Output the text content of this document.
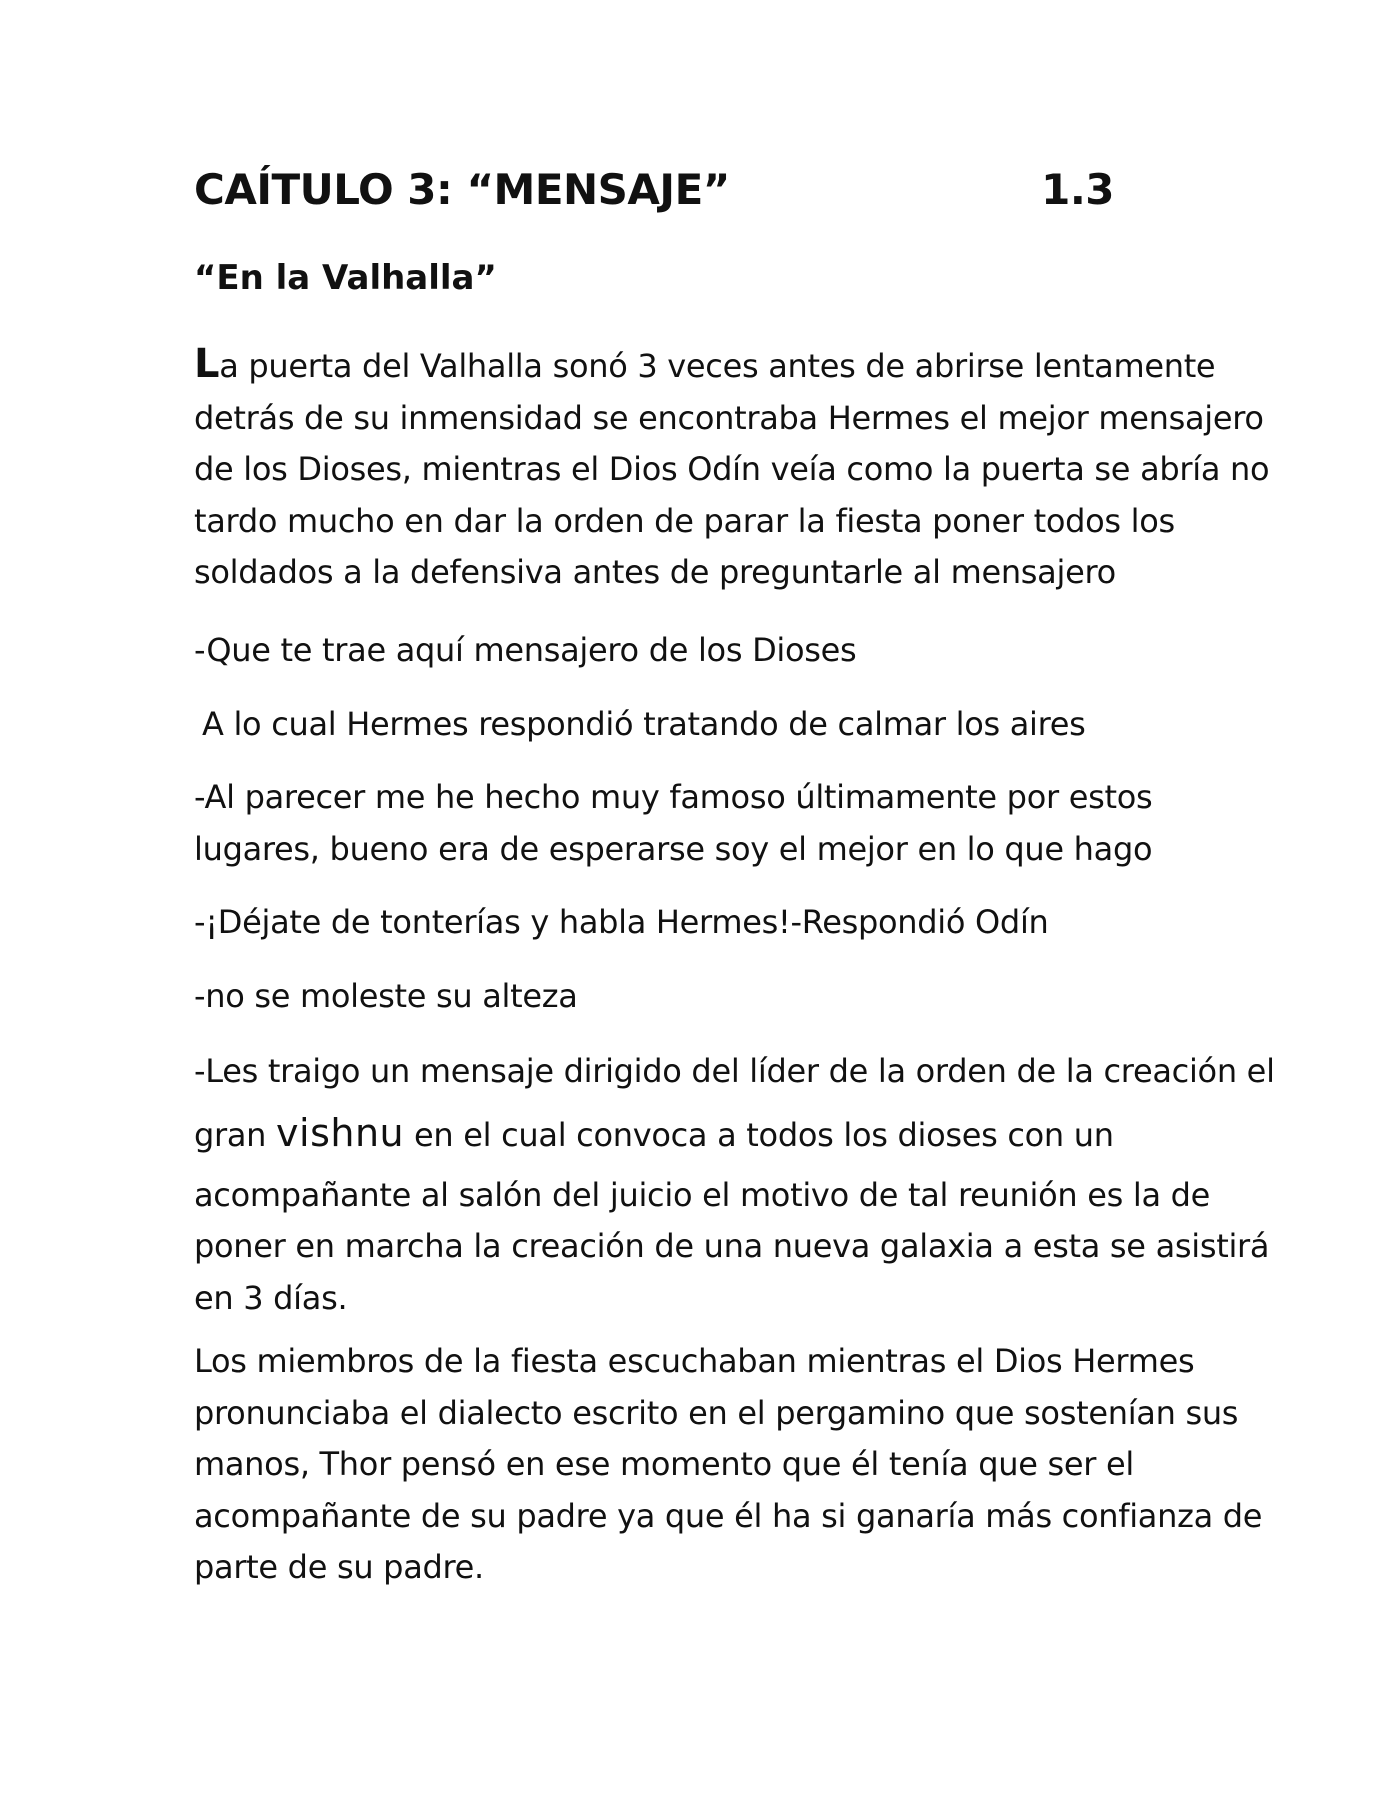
CAÍTULO 3: “MENSAJE”	1.3
“En la Valhalla”
La puerta del Valhalla sonó 3 veces antes de abrirse lentamente
detrás de su inmensidad se encontraba Hermes el mejor mensajero
de los Dioses, mientras el Dios Odín veía como la puerta se abría no
tardo mucho en dar la orden de parar la fiesta poner todos los
soldados a la defensiva antes de preguntarle al mensajero
-Que te trae aquí mensajero de los Dioses
A lo cual Hermes respondió tratando de calmar los aires
-Al parecer me he hecho muy famoso últimamente por estos
lugares, bueno era de esperarse soy el mejor en lo que hago
-¡Déjate de tonterías y habla Hermes!-Respondió Odín
-no se moleste su alteza
-Les traigo un mensaje dirigido del líder de la orden de la creación el
gran vishnu en el cual convoca a todos los dioses con un
acompañante al salón del juicio el motivo de tal reunión es la de
poner en marcha la creación de una nueva galaxia a esta se asistirá
en 3 días.
Los miembros de la fiesta escuchaban mientras el Dios Hermes
pronunciaba el dialecto escrito en el pergamino que sostenían sus
manos, Thor pensó en ese momento que él tenía que ser el
acompañante de su padre ya que él ha si ganaría más confianza de
parte de su padre.
